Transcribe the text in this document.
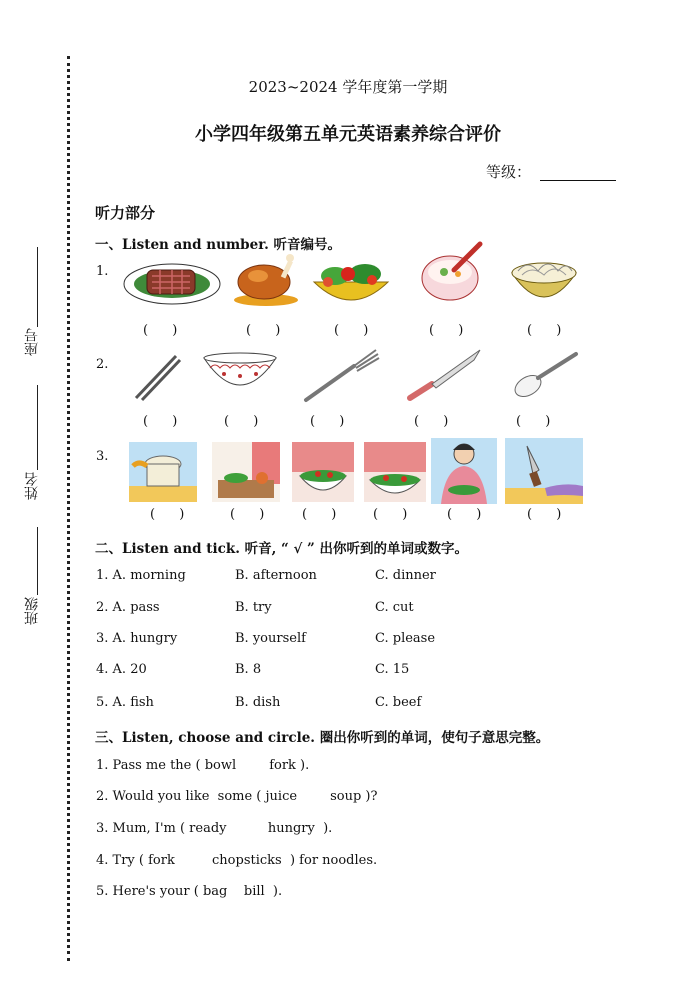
座号
姓名
班级
2023~2024 学年度第一学期
小学四年级第五单元英语素养综合评价
等级：
听力部分
一、Listen and number. 听音编号。
1.
2.
3.
( )	( )	( )	( )	( )
( )	( )	( )	( )	( )
( )	( ) ( ) ( ) ( )	( )
二、Listen and tick. 听音, “ √ ” 出你听到的单词或数字。
1. A. morning	B. afternoon	C. dinner
2. A. pass	B. try	C. cut
3. A. hungry	B. yourself	C. please
4. A. 20	B. 8	C. 15
5. A. fish	B. dish	C. beef
三、Listen, choose and circle. 圈出你听到的单词，使句子意思完整。
1. Pass me the ( bowl        fork ).
2. Would you like  some ( juice        soup )?
3. Mum, I'm ( ready          hungry  ).
4. Try ( fork         chopsticks  ) for noodles.
5. Here's your ( bag    bill  ).
